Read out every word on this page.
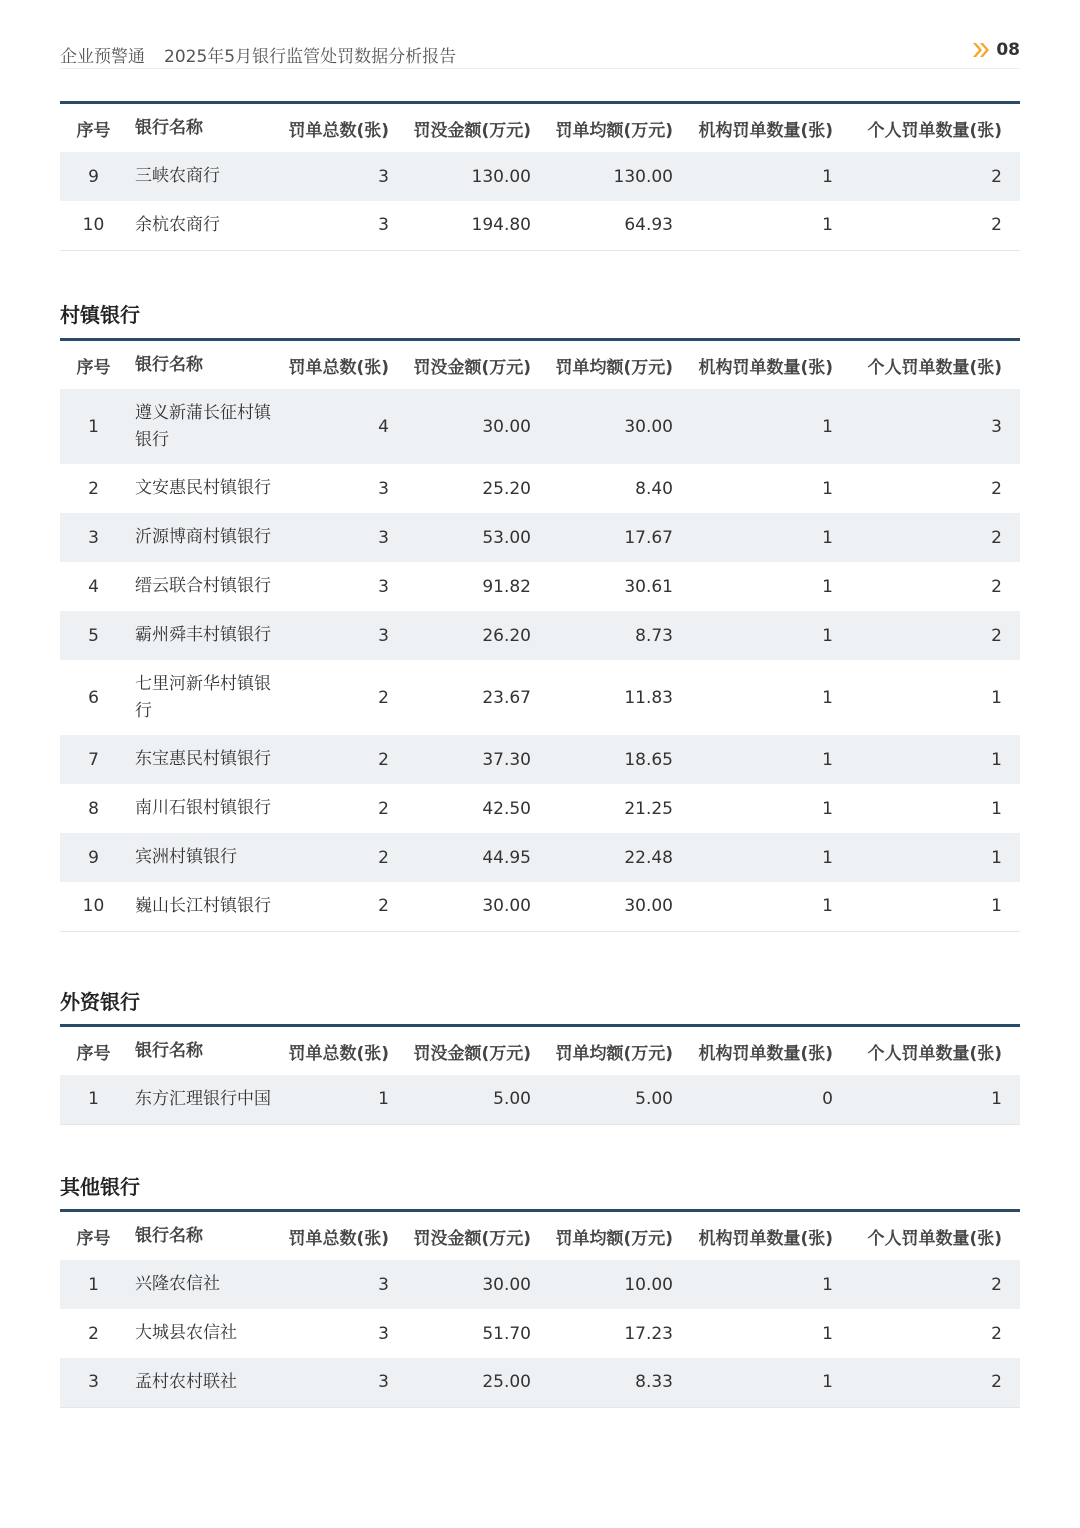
企业预警通 2025年5月银行监管处罚数据分析报告	08
序号	银行名称	罚单总数(张)	罚没金额(万元)	罚单均额(万元)	机构罚单数量(张)	个人罚单数量(张)
9	三峡农商行	3	130.00	130.00	1	2
10	余杭农商行	3	194.80	64.93	1	2
村镇银行
序号	银行名称	罚单总数(张)	罚没金额(万元)	罚单均额(万元)	机构罚单数量(张)	个人罚单数量(张)
1	遵义新蒲长征村镇银行	4	30.00	30.00	1	3
2	文安惠民村镇银行	3	25.20	8.40	1	2
3	沂源博商村镇银行	3	53.00	17.67	1	2
4	缙云联合村镇银行	3	91.82	30.61	1	2
5	霸州舜丰村镇银行	3	26.20	8.73	1	2
6	七里河新华村镇银行	2	23.67	11.83	1	1
7	东宝惠民村镇银行	2	37.30	18.65	1	1
8	南川石银村镇银行	2	42.50	21.25	1	1
9	宾洲村镇银行	2	44.95	22.48	1	1
10	巍山长江村镇银行	2	30.00	30.00	1	1
外资银行
序号	银行名称	罚单总数(张)	罚没金额(万元)	罚单均额(万元)	机构罚单数量(张)	个人罚单数量(张)
1	东方汇理银行中国	1	5.00	5.00	0	1
其他银行
序号	银行名称	罚单总数(张)	罚没金额(万元)	罚单均额(万元)	机构罚单数量(张)	个人罚单数量(张)
1	兴隆农信社	3	30.00	10.00	1	2
2	大城县农信社	3	51.70	17.23	1	2
3	孟村农村联社	3	25.00	8.33	1	2
